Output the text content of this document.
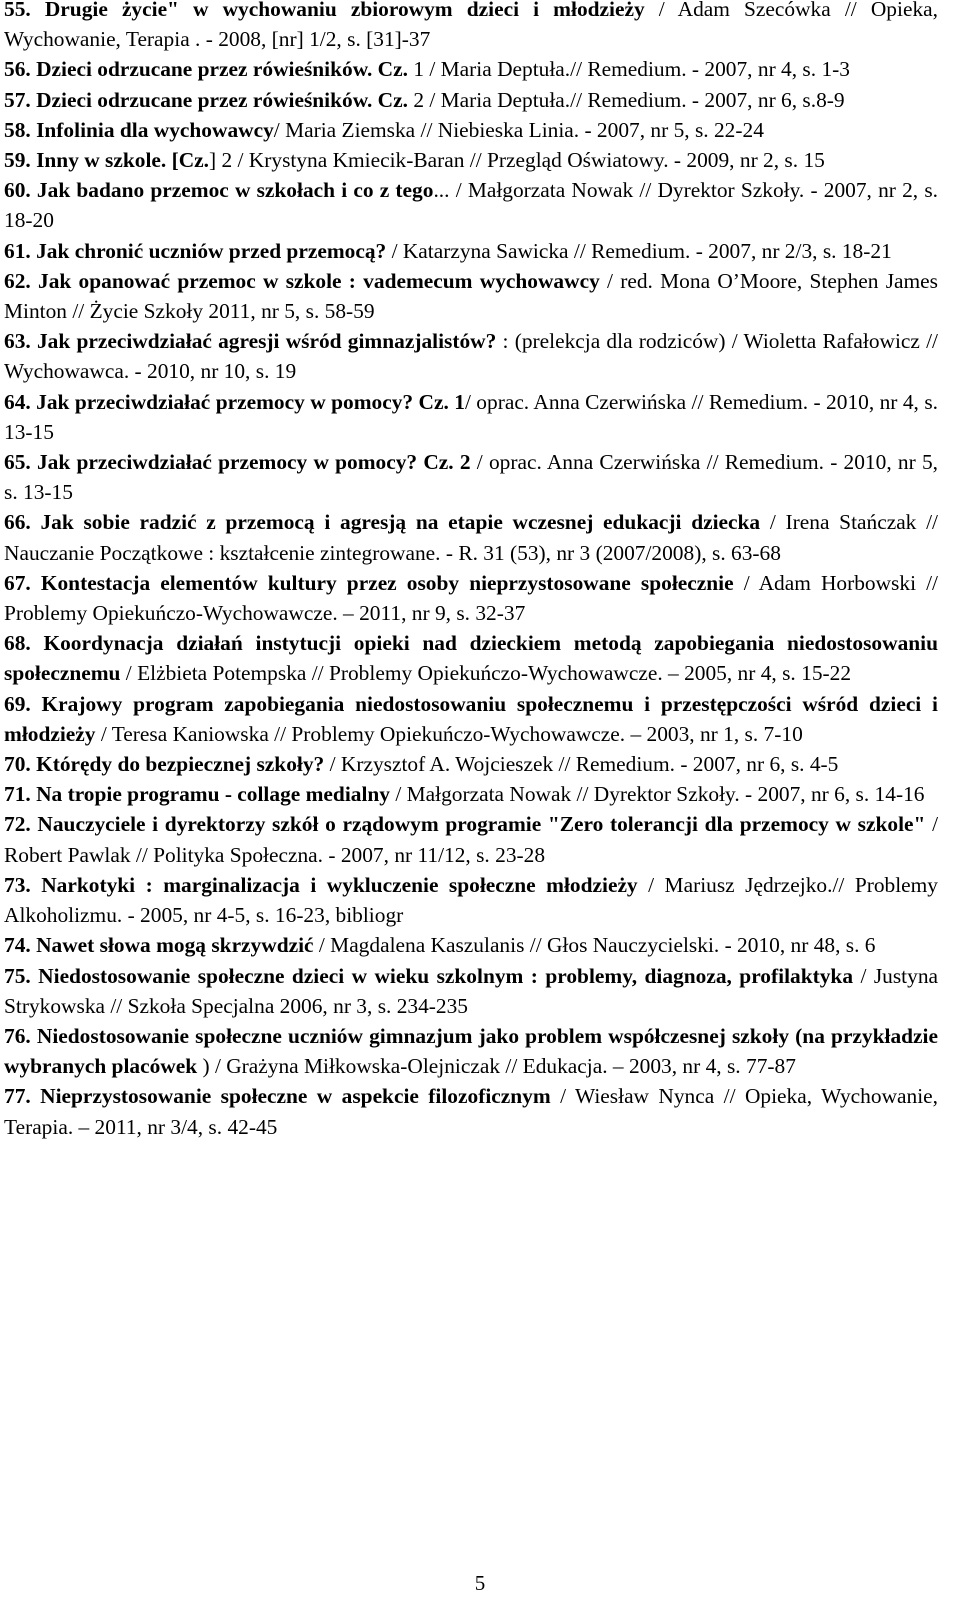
55. Drugie życie" w wychowaniu zbiorowym dzieci i młodzieży / Adam Szecówka // Opieka, Wychowanie, Terapia . - 2008, [nr] 1/2, s. [31]-37

56. Dzieci odrzucane przez rówieśników. Cz. 1 / Maria Deptuła.// Remedium. - 2007, nr 4, s. 1-3

57. Dzieci odrzucane przez rówieśników. Cz. 2 / Maria Deptuła.// Remedium. - 2007, nr 6, s.8-9

58. Infolinia dla wychowawcy/ Maria Ziemska // Niebieska Linia. - 2007, nr 5, s. 22-24

59. Inny w szkole. [Cz.] 2 / Krystyna Kmiecik-Baran // Przegląd Oświatowy. - 2009, nr 2, s. 15

60. Jak badano przemoc w szkołach i co z tego... / Małgorzata Nowak // Dyrektor Szkoły. - 2007, nr 2, s. 18-20

61. Jak chronić uczniów przed przemocą? / Katarzyna Sawicka // Remedium. - 2007, nr 2/3, s. 18-21

62. Jak opanować przemoc w szkole : vademecum wychowawcy / red. Mona O’Moore, Stephen James Minton // Życie Szkoły 2011, nr 5, s. 58-59

63. Jak przeciwdziałać agresji wśród gimnazjalistów? : (prelekcja dla rodziców) / Wioletta Rafałowicz // Wychowawca. - 2010, nr 10, s. 19

64. Jak przeciwdziałać przemocy w pomocy? Cz. 1/ oprac. Anna Czerwińska // Remedium. - 2010, nr 4, s. 13-15

65. Jak przeciwdziałać przemocy w pomocy? Cz. 2 / oprac. Anna Czerwińska // Remedium. - 2010, nr 5, s. 13-15

66. Jak sobie radzić z przemocą i agresją na etapie wczesnej edukacji dziecka / Irena Stańczak // Nauczanie Początkowe : kształcenie zintegrowane. - R. 31 (53), nr 3 (2007/2008), s. 63-68

67. Kontestacja elementów kultury przez osoby nieprzystosowane społecznie / Adam Horbowski // Problemy Opiekuńczo-Wychowawcze. – 2011, nr 9, s. 32-37

68. Koordynacja działań instytucji opieki nad dzieckiem metodą zapobiegania niedostosowaniu społecznemu / Elżbieta Potempska // Problemy Opiekuńczo-Wychowawcze. – 2005, nr 4, s. 15-22

69. Krajowy program zapobiegania niedostosowaniu społecznemu i przestępczości wśród dzieci i młodzieży / Teresa Kaniowska // Problemy Opiekuńczo-Wychowawcze. – 2003, nr 1, s. 7-10

70. Którędy do bezpiecznej szkoły? / Krzysztof A. Wojcieszek // Remedium. - 2007, nr 6, s. 4-5

71. Na tropie programu - collage medialny / Małgorzata Nowak // Dyrektor Szkoły. - 2007, nr 6, s. 14-16

72. Nauczyciele i dyrektorzy szkół o rządowym programie "Zero tolerancji dla przemocy w szkole" / Robert Pawlak // Polityka Społeczna. - 2007, nr 11/12, s. 23-28

73. Narkotyki : marginalizacja i wykluczenie społeczne młodzieży / Mariusz Jędrzejko.// Problemy Alkoholizmu. - 2005, nr 4-5, s. 16-23, bibliogr

74. Nawet słowa mogą skrzywdzić / Magdalena Kaszulanis // Głos Nauczycielski. - 2010, nr 48, s. 6

75. Niedostosowanie społeczne dzieci w wieku szkolnym : problemy, diagnoza, profilaktyka / Justyna Strykowska // Szkoła Specjalna 2006, nr 3, s. 234-235

76. Niedostosowanie społeczne uczniów gimnazjum jako problem współczesnej szkoły (na przykładzie wybranych placówek ) / Grażyna Miłkowska-Olejniczak // Edukacja. – 2003, nr 4, s. 77-87

77. Nieprzystosowanie społeczne w aspekcie filozoficznym / Wiesław Nynca // Opieka, Wychowanie, Terapia. – 2011, nr 3/4, s. 42-45

5
